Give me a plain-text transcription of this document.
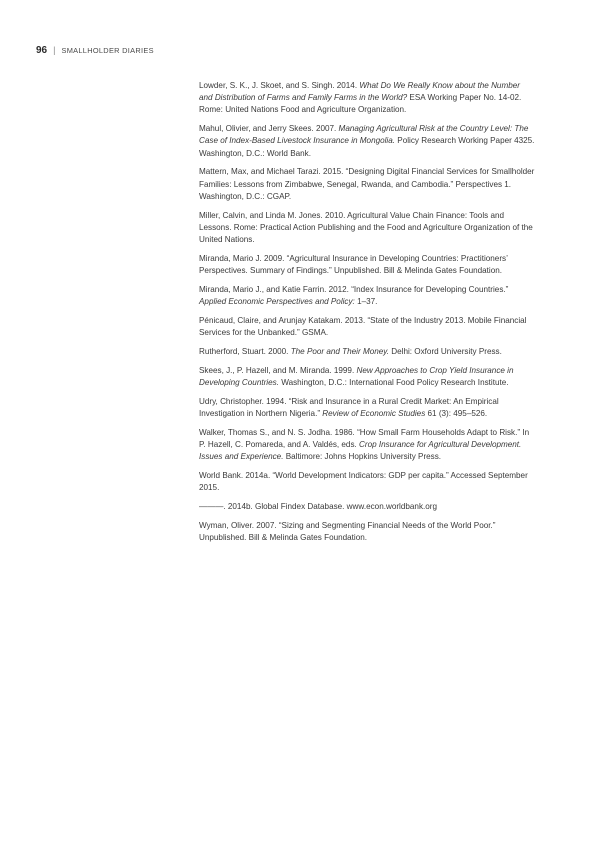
96 | SMALLHOLDER DIARIES

Lowder, S. K., J. Skoet, and S. Singh. 2014. What Do We Really Know about the Number and Distribution of Farms and Family Farms in the World? ESA Working Paper No. 14-02. Rome: United Nations Food and Agriculture Organization.

Mahul, Olivier, and Jerry Skees. 2007. Managing Agricultural Risk at the Country Level: The Case of Index-Based Livestock Insurance in Mongolia. Policy Research Working Paper 4325. Washington, D.C.: World Bank.

Mattern, Max, and Michael Tarazi. 2015. “Designing Digital Financial Services for Smallholder Families: Lessons from Zimbabwe, Senegal, Rwanda, and Cambodia.” Perspectives 1. Washington, D.C.: CGAP.

Miller, Calvin, and Linda M. Jones. 2010. Agricultural Value Chain Finance: Tools and Lessons. Rome: Practical Action Publishing and the Food and Agriculture Organization of the United Nations.

Miranda, Mario J. 2009. “Agricultural Insurance in Developing Countries: Practitioners’ Perspectives. Summary of Findings.” Unpublished. Bill & Melinda Gates Foundation.

Miranda, Mario J., and Katie Farrin. 2012. “Index Insurance for Developing Countries.” Applied Economic Perspectives and Policy: 1–37.

Pénicaud, Claire, and Arunjay Katakam. 2013. “State of the Industry 2013. Mobile Financial Services for the Unbanked.” GSMA.

Rutherford, Stuart. 2000. The Poor and Their Money. Delhi: Oxford University Press.

Skees, J., P. Hazell, and M. Miranda. 1999. New Approaches to Crop Yield Insurance in Developing Countries. Washington, D.C.: International Food Policy Research Institute.

Udry, Christopher. 1994. “Risk and Insurance in a Rural Credit Market: An Empirical Investigation in Northern Nigeria.” Review of Economic Studies 61 (3): 495–526.

Walker, Thomas S., and N. S. Jodha. 1986. “How Small Farm Households Adapt to Risk.” In P. Hazell, C. Pomareda, and A. Valdés, eds. Crop Insurance for Agricultural Development. Issues and Experience. Baltimore: Johns Hopkins University Press.

World Bank. 2014a. “World Development Indicators: GDP per capita.” Accessed September 2015.

———. 2014b. Global Findex Database. www.econ.worldbank.org

Wyman, Oliver. 2007. “Sizing and Segmenting Financial Needs of the World Poor.” Unpublished. Bill & Melinda Gates Foundation.
